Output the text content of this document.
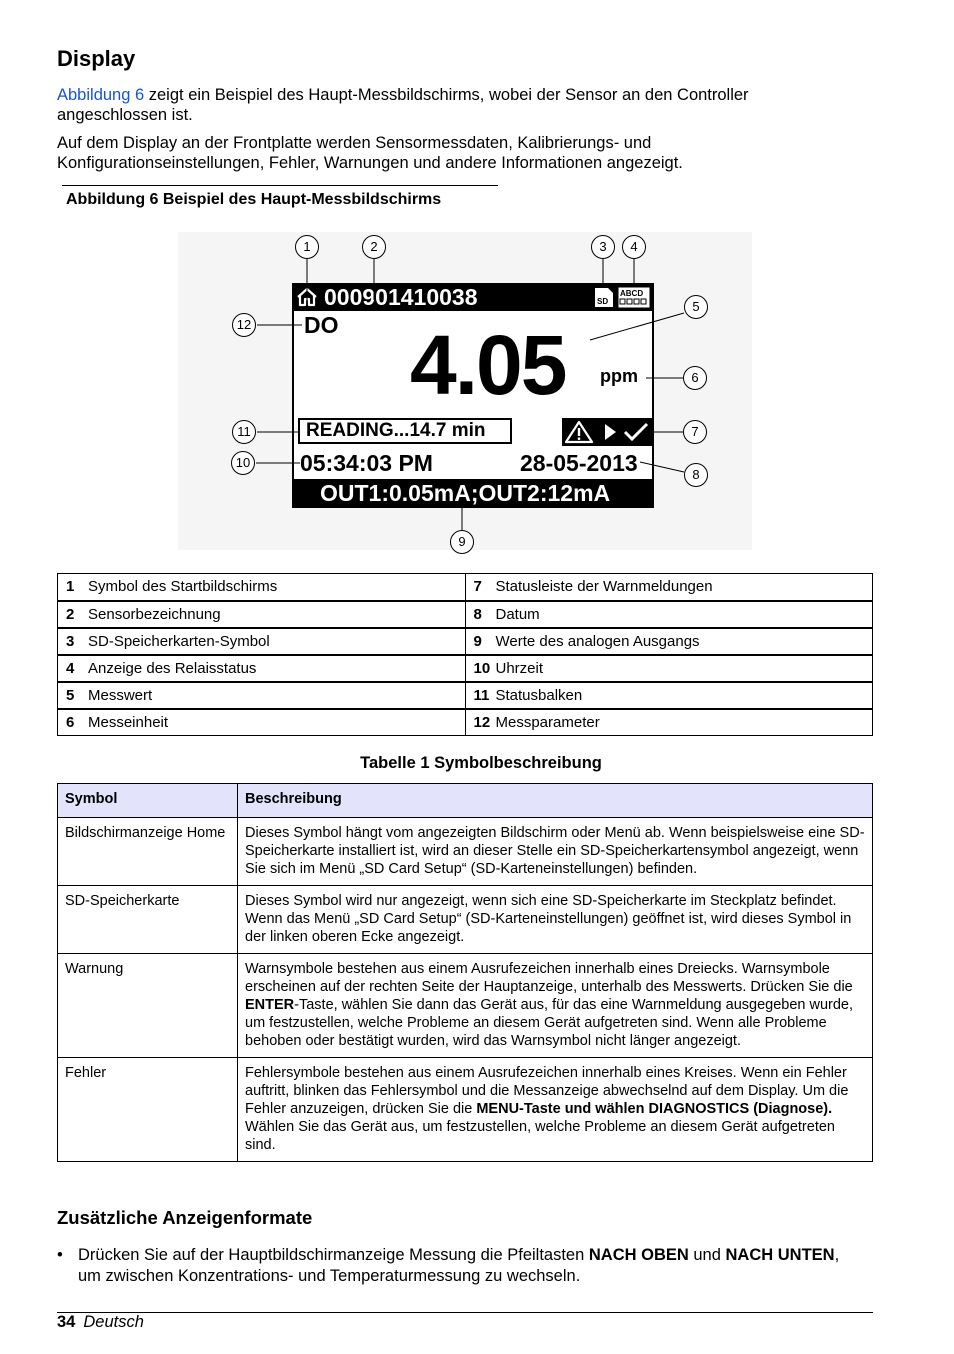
Display

Abbildung 6 zeigt ein Beispiel des Haupt-Messbildschirms, wobei der Sensor an den Controller angeschlossen ist.

Auf dem Display an der Frontplatte werden Sensormessdaten, Kalibrierungs- und Konfigurationseinstellungen, Fehler, Warnungen und andere Informationen angezeigt.

Abbildung 6 Beispiel des Haupt-Messbildschirms
000901410038	SD
ABCD
DO 4.05 ppm
READING...14.7 min
05:34:03 PM	28-05-2013
OUT1:0.05mA;OUT2:12mA
1	2	3	4
5
6
7
8
9
10
11
12
1 Symbol des Startbildschirms	7 Statusleiste der Warnmeldungen
2 Sensorbezeichnung	8 Datum
3 SD-Speicherkarten-Symbol	9 Werte des analogen Ausgangs
4 Anzeige des Relaisstatus	10 Uhrzeit
5 Messwert	11 Statusbalken
6 Messeinheit	12 Messparameter
Tabelle 1 Symbolbeschreibung
Symbol	Beschreibung
Bildschirmanzeige Home	Dieses Symbol hängt vom angezeigten Bildschirm oder Menü ab. Wenn beispielsweise eine SD-Speicherkarte installiert ist, wird an dieser Stelle ein SD-Speicherkartensymbol angezeigt, wenn Sie sich im Menü „SD Card Setup“ (SD-Karteneinstellungen) befinden.
SD-Speicherkarte	Dieses Symbol wird nur angezeigt, wenn sich eine SD-Speicherkarte im Steckplatz befindet. Wenn das Menü „SD Card Setup“ (SD-Karteneinstellungen) geöffnet ist, wird dieses Symbol in der linken oberen Ecke angezeigt.
Warnung	Warnsymbole bestehen aus einem Ausrufezeichen innerhalb eines Dreiecks. Warnsymbole erscheinen auf der rechten Seite der Hauptanzeige, unterhalb des Messwerts. Drücken Sie die ENTER-Taste, wählen Sie dann das Gerät aus, für das eine Warnmeldung ausgegeben wurde, um festzustellen, welche Probleme an diesem Gerät aufgetreten sind. Wenn alle Probleme behoben oder bestätigt wurden, wird das Warnsymbol nicht länger angezeigt.
Fehler	Fehlersymbole bestehen aus einem Ausrufezeichen innerhalb eines Kreises. Wenn ein Fehler auftritt, blinken das Fehlersymbol und die Messanzeige abwechselnd auf dem Display. Um die Fehler anzuzeigen, drücken Sie die MENU-Taste und wählen DIAGNOSTICS (Diagnose). Wählen Sie das Gerät aus, um festzustellen, welche Probleme an diesem Gerät aufgetreten sind.
Zusätzliche Anzeigenformate
• Drücken Sie auf der Hauptbildschirmanzeige Messung die Pfeiltasten NACH OBEN und NACH UNTEN, um zwischen Konzentrations- und Temperaturmessung zu wechseln.
34 Deutsch
